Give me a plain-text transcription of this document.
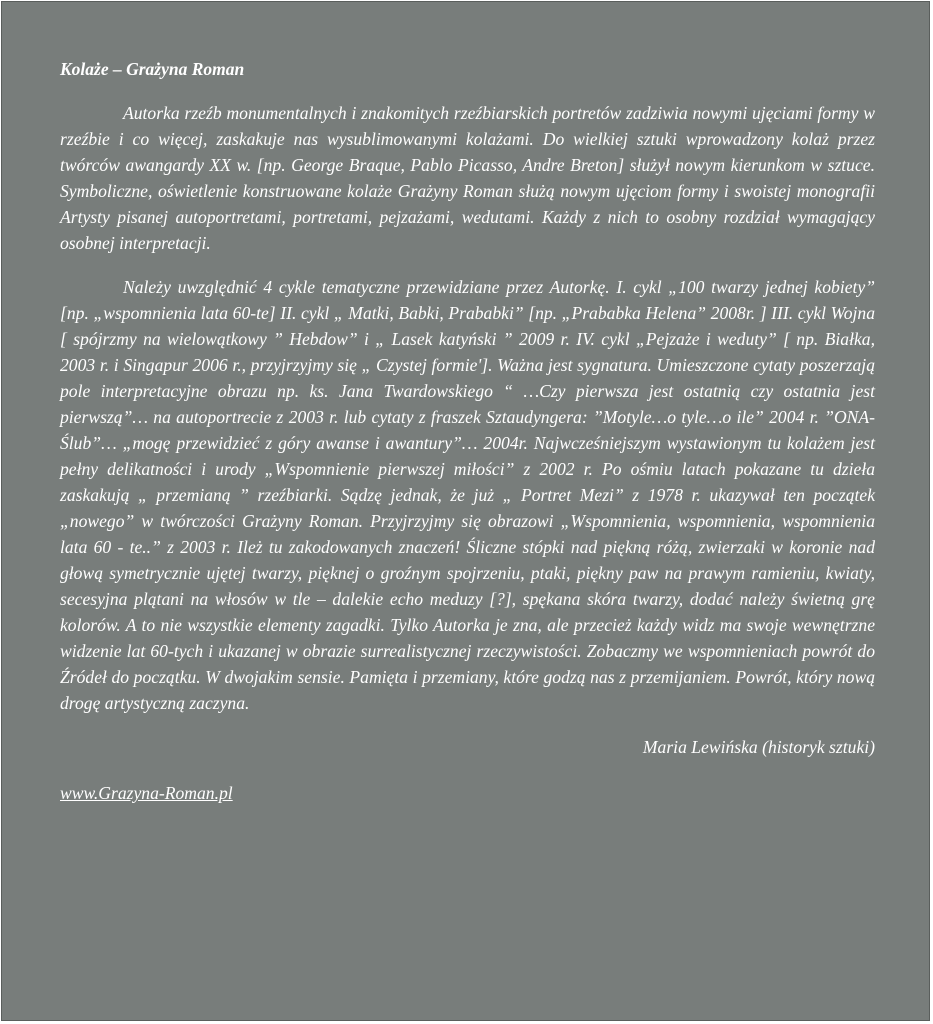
Kolaże – Grażyna Roman

Autorka rzeźb monumentalnych i znakomitych rzeźbiarskich portretów zadziwia nowymi ujęciami formy w rzeźbie i co więcej, zaskakuje nas wysublimowanymi kolażami. Do wielkiej sztuki wprowadzony kolaż przez twórców awangardy XX w. [np. George Braque, Pablo Picasso, Andre Breton] służył nowym kierunkom w sztuce. Symboliczne, oświetlenie konstruowane kolaże Grażyny Roman służą nowym ujęciom formy i swoistej monografii Artysty pisanej autoportretami, portretami, pejzażami, wedutami. Każdy z nich to osobny rozdział wymagający osobnej interpretacji.

Należy uwzględnić 4 cykle tematyczne przewidziane przez Autorkę. I. cykl „100 twarzy jednej kobiety” [np. „wspomnienia lata 60-te] II. cykl „ Matki, Babki, Prababki” [np. „Prababka Helena” 2008r. ] III. cykl Wojna [ spójrzmy na wielowątkowy ” Hebdow” i „ Lasek katyński ” 2009 r. IV. cykl „Pejzaże i weduty” [ np. Białka, 2003 r. i Singapur 2006 r., przyjrzyjmy się „ Czystej formie']. Ważna jest sygnatura. Umieszczone cytaty poszerzają pole interpretacyjne obrazu np. ks. Jana Twardowskiego “ …Czy pierwsza jest ostatnią czy ostatnia jest pierwszą”… na autoportrecie z 2003 r. lub cytaty z fraszek Sztaudyngera: ”Motyle…o tyle…o ile” 2004 r. ”ONA-Ślub”… „mogę przewidzieć z góry awanse i awantury”… 2004r. Najwcześniejszym wystawionym tu kolażem jest pełny delikatności i urody „Wspomnienie pierwszej miłości” z 2002 r. Po ośmiu latach pokazane tu dzieła zaskakują „ przemianą ” rzeźbiarki. Sądzę jednak, że już „ Portret Mezi” z 1978 r. ukazywał ten początek „nowego” w twórczości Grażyny Roman. Przyjrzyjmy się obrazowi „Wspomnienia, wspomnienia, wspomnienia lata 60 - te..” z 2003 r. Ileż tu zakodowanych znaczeń! Śliczne stópki nad piękną różą, zwierzaki w koronie nad głową symetrycznie ujętej twarzy, pięknej o groźnym spojrzeniu, ptaki, piękny paw na prawym ramieniu, kwiaty, secesyjna plątani na włosów w tle – dalekie echo meduzy [?], spękana skóra twarzy, dodać należy świetną grę kolorów. A to nie wszystkie elementy zagadki. Tylko Autorka je zna, ale przecież każdy widz ma swoje wewnętrzne widzenie lat 60-tych i ukazanej w obrazie surrealistycznej rzeczywistości. Zobaczmy we wspomnieniach powrót do Źródeł do początku. W dwojakim sensie. Pamięta i przemiany, które godzą nas z przemijaniem. Powrót, który nową drogę artystyczną zaczyna.

Maria Lewińska (historyk sztuki)
www.Grazyna-Roman.pl
